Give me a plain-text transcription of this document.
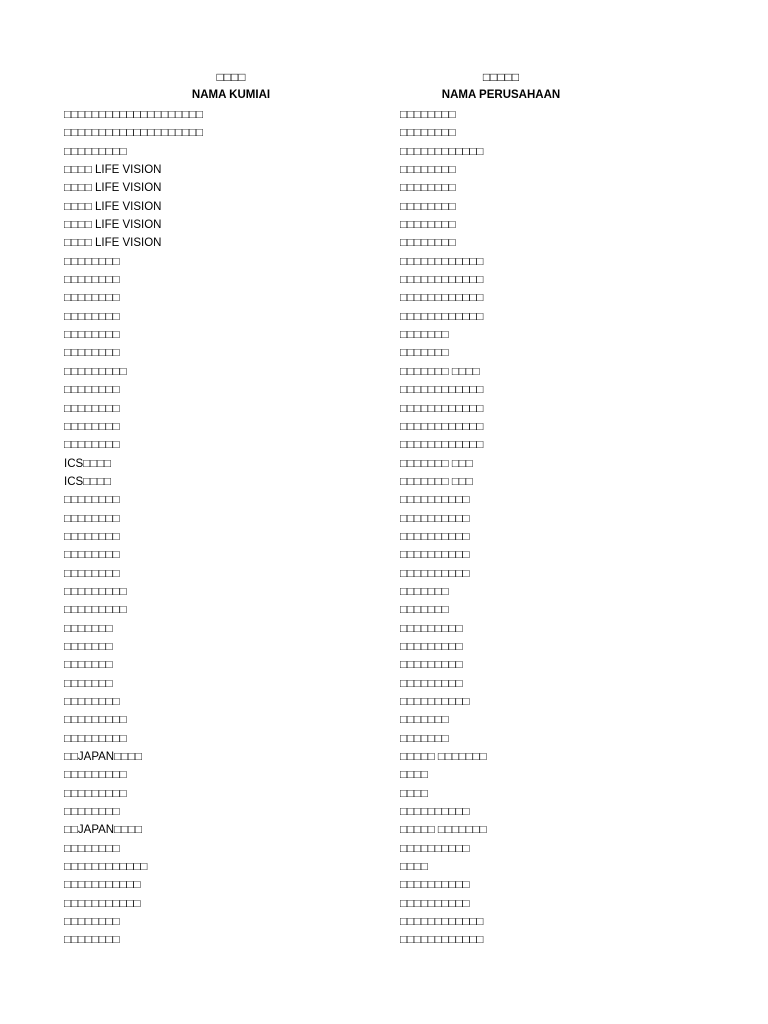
□□□□
NAMA KUMIAI
□□□□□□□□□□□□□□□□□□□□
□□□□□□□□□□□□□□□□□□□□
□□□□□□□□□
□□□□ LIFE VISION
□□□□ LIFE VISION
□□□□ LIFE VISION
□□□□ LIFE VISION
□□□□ LIFE VISION
□□□□□□□□
□□□□□□□□
□□□□□□□□
□□□□□□□□
□□□□□□□□
□□□□□□□□
□□□□□□□□□
□□□□□□□□
□□□□□□□□
□□□□□□□□
□□□□□□□□
ICS□□□□
ICS□□□□
□□□□□□□□
□□□□□□□□
□□□□□□□□
□□□□□□□□
□□□□□□□□
□□□□□□□□□
□□□□□□□□□
□□□□□□□
□□□□□□□
□□□□□□□
□□□□□□□
□□□□□□□□
□□□□□□□□□
□□□□□□□□□
□□JAPAN□□□□
□□□□□□□□□
□□□□□□□□□
□□□□□□□□
□□JAPAN□□□□
□□□□□□□□
□□□□□□□□□□□□
□□□□□□□□□□□
□□□□□□□□□□□
□□□□□□□□
□□□□□□□□
□□□□□
NAMA PERUSAHAAN
□□□□□□□□
□□□□□□□□
□□□□□□□□□□□□
□□□□□□□□
□□□□□□□□
□□□□□□□□
□□□□□□□□
□□□□□□□□
□□□□□□□□□□□□
□□□□□□□□□□□□
□□□□□□□□□□□□
□□□□□□□□□□□□
□□□□□□□
□□□□□□□
□□□□□□□ □□□□
□□□□□□□□□□□□
□□□□□□□□□□□□
□□□□□□□□□□□□
□□□□□□□□□□□□
□□□□□□□ □□□
□□□□□□□ □□□
□□□□□□□□□□
□□□□□□□□□□
□□□□□□□□□□
□□□□□□□□□□
□□□□□□□□□□
□□□□□□□
□□□□□□□
□□□□□□□□□
□□□□□□□□□
□□□□□□□□□
□□□□□□□□□
□□□□□□□□□□
□□□□□□□
□□□□□□□
□□□□□ □□□□□□□
□□□□
□□□□
□□□□□□□□□□
□□□□□ □□□□□□□
□□□□□□□□□□
□□□□
□□□□□□□□□□
□□□□□□□□□□
□□□□□□□□□□□□
□□□□□□□□□□□□
